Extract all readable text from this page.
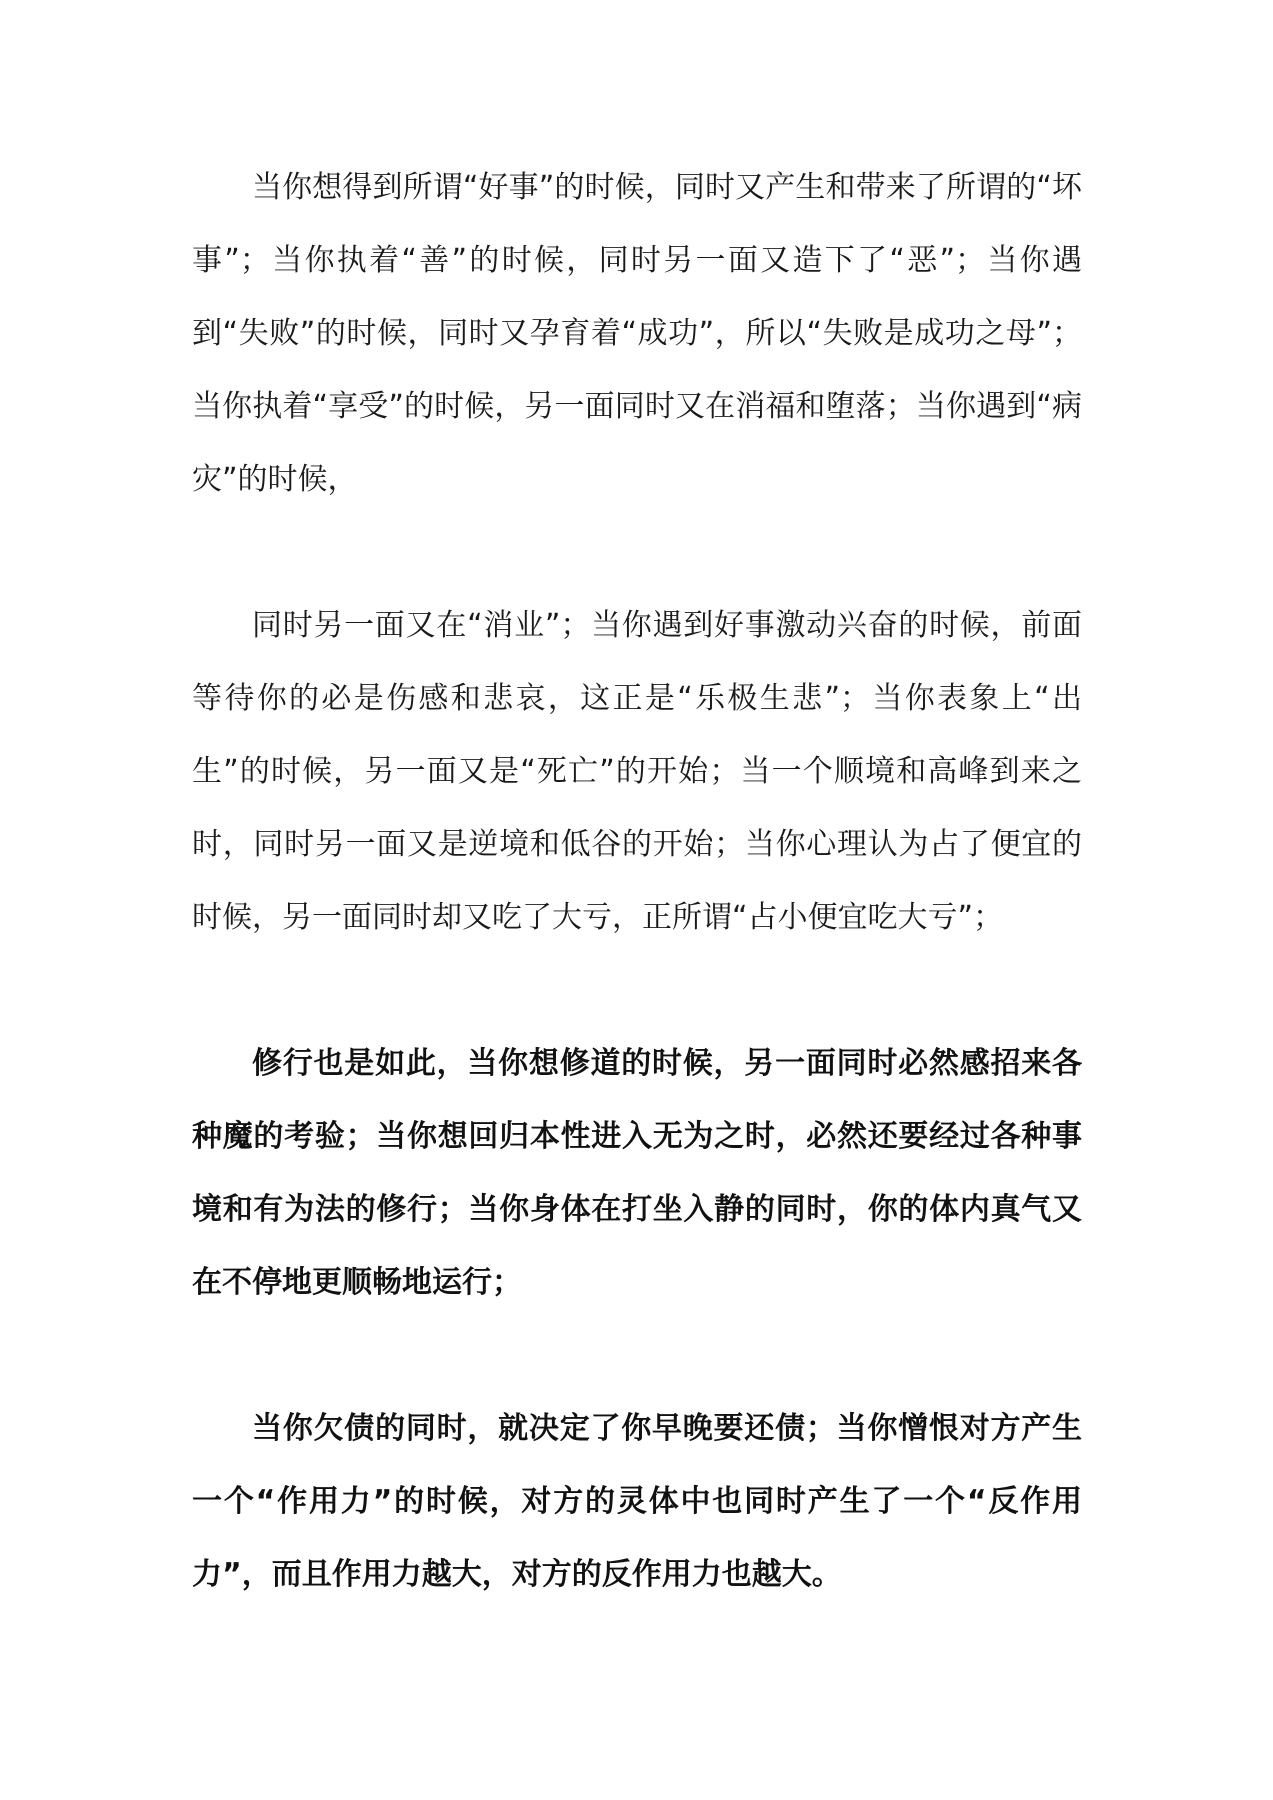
当你想得到所谓“好事”的时候，同时又产生和带来了所谓的“坏事”；当你执着“善”的时候，同时另一面又造下了“恶”；当你遇到“失败”的时候，同时又孕育着“成功”，所以“失败是成功之母”；当你执着“享受”的时候，另一面同时又在消福和堕落；当你遇到“病灾”的时候，

同时另一面又在“消业”；当你遇到好事激动兴奋的时候，前面等待你的必是伤感和悲哀，这正是“乐极生悲”；当你表象上“出生”的时候，另一面又是“死亡”的开始；当一个顺境和高峰到来之时，同时另一面又是逆境和低谷的开始；当你心理认为占了便宜的时候，另一面同时却又吃了大亏，正所谓“占小便宜吃大亏”；

修行也是如此，当你想修道的时候，另一面同时必然感招来各种魔的考验；当你想回归本性进入无为之时，必然还要经过各种事境和有为法的修行；当你身体在打坐入静的同时，你的体内真气又在不停地更顺畅地运行；

当你欠债的同时，就决定了你早晚要还债；当你憎恨对方产生一个“作用力”的时候，对方的灵体中也同时产生了一个“反作用力”，而且作用力越大，对方的反作用力也越大。
